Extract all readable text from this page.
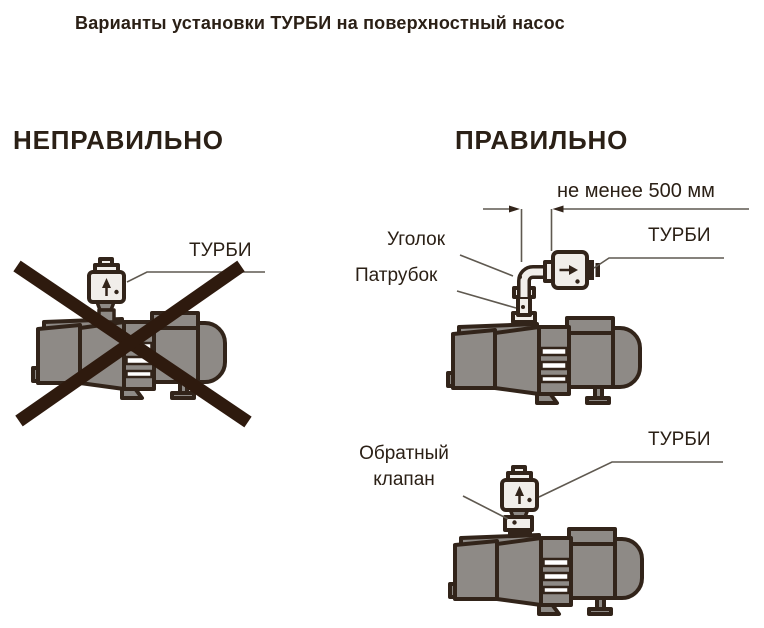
Варианты установки ТУРБИ на поверхностный насос
НЕПРАВИЛЬНО	ПРАВИЛЬНО
ТУРБИ
не менее 500 мм
Уголок
Патрубок
ТУРБИ
Обратный
клапан
ТУРБИ
